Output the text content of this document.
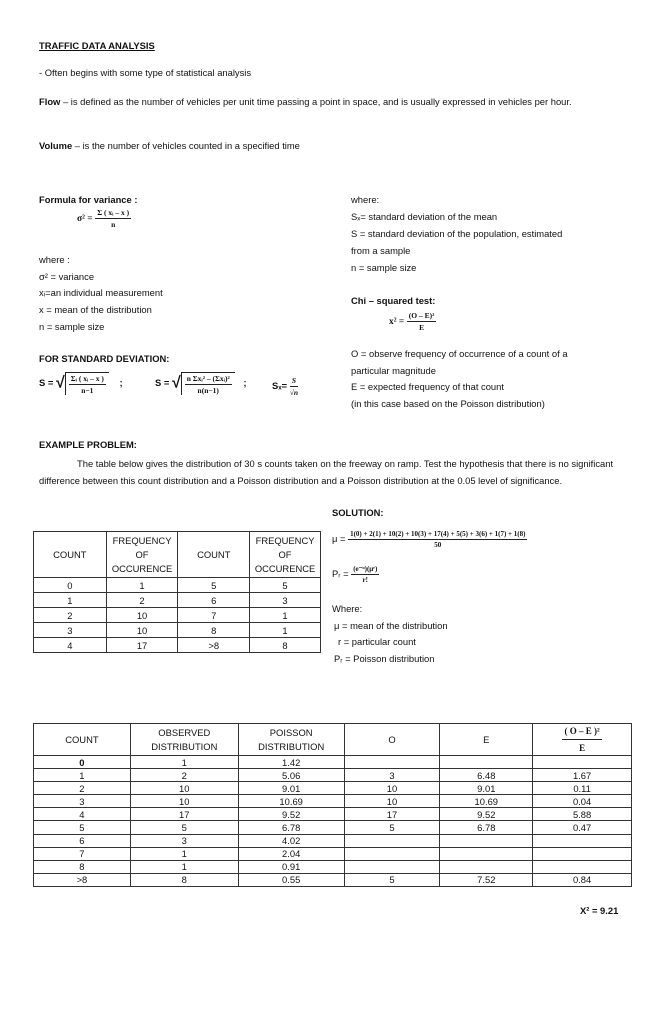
TRAFFIC DATA ANALYSIS
- Often begins with some type of statistical analysis
Flow – is defined as the number of vehicles per unit time passing a point in space, and is usually expressed in vehicles per hour.
Volume – is the number of vehicles counted in a specified time
Formula for variance :
$\sigma^2 = \frac{\text{Σ ( xᵢ – x )}}{n}$
where :
σ² = variance
xᵢ=an individual measurement
x = mean of the distribution
n = sample size
FOR STANDARD DEVIATION:
S = √ $\frac{\text{Σᵢ ( xᵢ – x )}}{n-1}$ ;	S = √ $\frac{\text{n Σxᵢ² – (Σxᵢ)²}}{n(n-1)}$ ;	$S_x= \frac{S}{√n}$
where:
Sₓ= standard deviation of the mean
S = standard deviation of the population, estimated
from a sample
n = sample size
Chi – squared test:
$x^2 = \frac{\text{(O – E)²}}{E}$
O = observe frequency of occurrence of a count of a
particular magnitude
E = expected frequency of that count
(in this case based on the Poisson distribution)
EXAMPLE PROBLEM:
The table below gives the distribution of 30 s counts taken on the freeway on ramp. Test the hypothesis that there is no significant difference between this count distribution and a Poisson distribution and a Poisson distribution at the 0.05 level of significance.
SOLUTION:
μ = 1(0) + 2(1) + 10(2) + 10(3) + 17(4) + 5(5) + 3(6) + 1(7) + 1(8)
50
Pᵣ = $\frac{\text{(e⁻ᵘ)(μʳ)}}{r!}$
Where:
μ = mean of the distribution
r = particular count
Pᵣ = Poisson distribution
COUNT	FREQUENCY OF OCCURENCE	COUNT	FREQUENCY OF OCCURENCE
0	1	5	5
1	2	6	3
2	10	7	1
3	10	8	1
4	17	>8	8
COUNT	OBSERVED DISTRIBUTION	POISSON DISTRIBUTION	O	E	$\frac{\text{( O – E )²}}{E}$

0	1	1.42			
1	2	5.06	3	6.48	1.67
2	10	9.01	10	9.01	0.11
3	10	10.69	10	10.69	0.04
4	17	9.52	17	9.52	5.88
5	5	6.78	5	6.78	0.47
6	3	4.02			
7	1	2.04			
8	1	0.91			
>8	8	0.55	5	7.52	0.84
X² = 9.21
